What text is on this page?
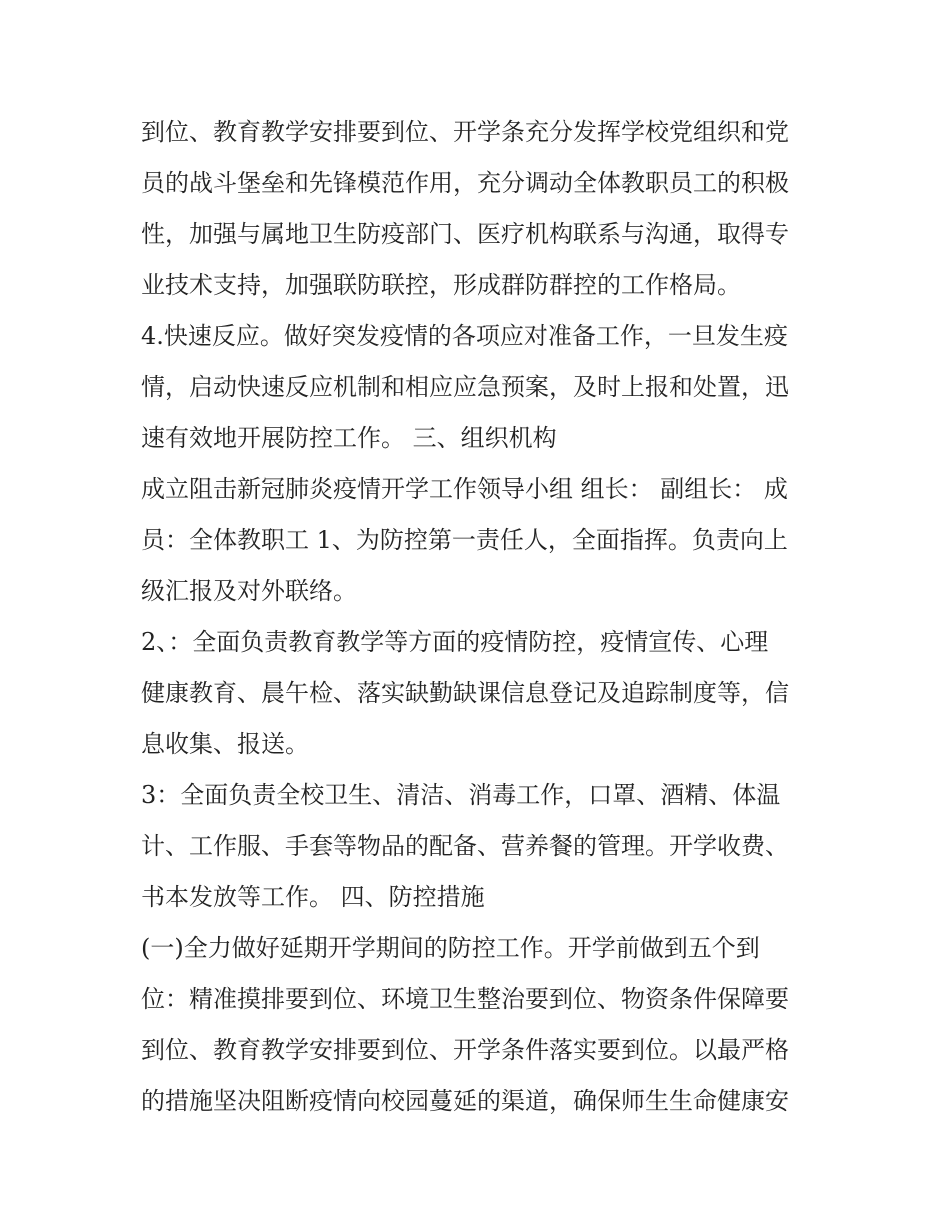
到位、教育教学安排要到位、开学条充分发挥学校党组织和党
员的战斗堡垒和先锋模范作用，充分调动全体教职员工的积极
性，加强与属地卫生防疫部门、医疗机构联系与沟通，取得专
业技术支持，加强联防联控，形成群防群控的工作格局。
4.快速反应。做好突发疫情的各项应对准备工作，一旦发生疫
情，启动快速反应机制和相应应急预案，及时上报和处置，迅
速有效地开展防控工作。 三、组织机构
成立阻击新冠肺炎疫情开学工作领导小组 组长： 副组长： 成
员：全体教职工 1、为防控第一责任人，全面指挥。负责向上
级汇报及对外联络。
2、：全面负责教育教学等方面的疫情防控，疫情宣传、心理
健康教育、晨午检、落实缺勤缺课信息登记及追踪制度等，信
息收集、报送。
3：全面负责全校卫生、清洁、消毒工作，口罩、酒精、体温
计、工作服、手套等物品的配备、营养餐的管理。开学收费、
书本发放等工作。 四、防控措施
(一)全力做好延期开学期间的防控工作。开学前做到五个到
位：精准摸排要到位、环境卫生整治要到位、物资条件保障要
到位、教育教学安排要到位、开学条件落实要到位。以最严格
的措施坚决阻断疫情向校园蔓延的渠道，确保师生生命健康安
